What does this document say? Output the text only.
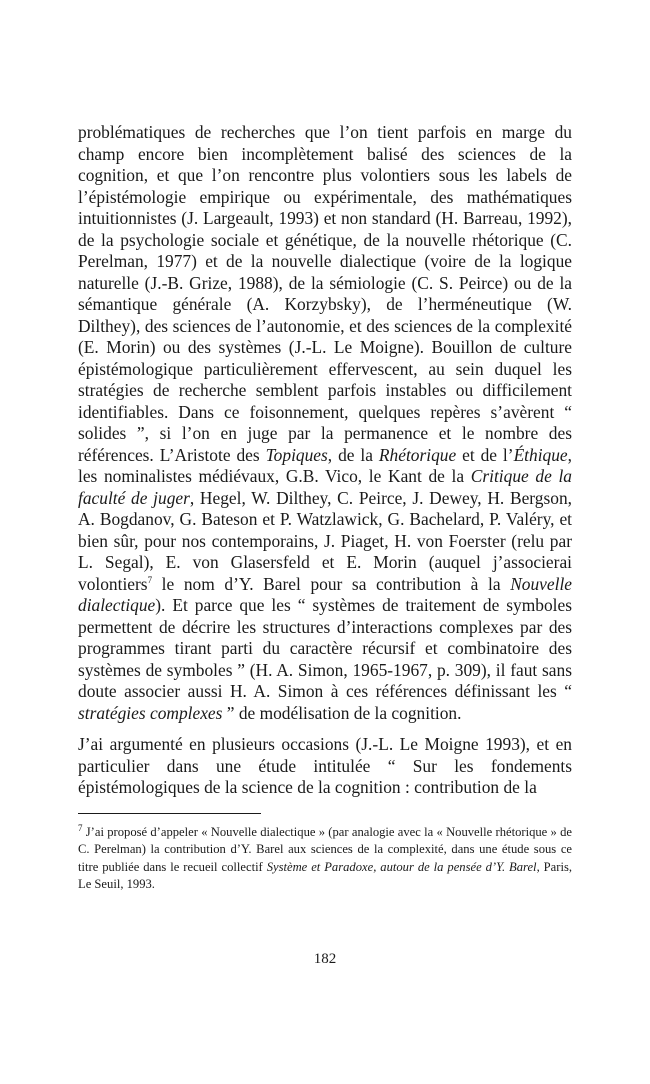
problématiques de recherches que l’on tient parfois en marge du champ encore bien incomplètement balisé des sciences de la cognition, et que l’on rencontre plus volontiers sous les labels de l’épistémologie empirique ou expérimentale, des mathématiques intuitionnistes (J. Largeault, 1993) et non standard (H. Barreau, 1992), de la psychologie sociale et génétique, de la nouvelle rhétorique (C. Perelman, 1977) et de la nouvelle dialectique (voire de la logique naturelle (J.-B. Grize, 1988), de la sémiologie (C. S. Peirce) ou de la sémantique générale (A. Korzybsky), de l’herméneutique (W. Dilthey), des sciences de l’autonomie, et des sciences de la complexité (E. Morin) ou des systèmes (J.-L. Le Moigne). Bouillon de culture épistémologique particulièrement effervescent, au sein duquel les stratégies de recherche semblent parfois instables ou difficilement identifiables. Dans ce foisonnement, quelques repères s’avèrent “ solides ”, si l’on en juge par la permanence et le nombre des références. L’Aristote des Topiques, de la Rhétorique et de l’Éthique, les nominalistes médiévaux, G.B. Vico, le Kant de la Critique de la faculté de juger, Hegel, W. Dilthey, C. Peirce, J. Dewey, H. Bergson, A. Bogdanov, G. Bateson et P. Watzlawick, G. Bachelard, P. Valéry, et bien sûr, pour nos contemporains, J. Piaget, H. von Foerster (relu par L. Segal), E. von Glasersfeld et E. Morin (auquel j’associerai volontiers$^7$ le nom d’Y. Barel pour sa contribution à la Nouvelle dialectique). Et parce que les “ systèmes de traitement de symboles permettent de décrire les structures d’interactions complexes par des programmes tirant parti du caractère récursif et combinatoire des systèmes de symboles ” (H. A. Simon, 1965-1967, p. 309), il faut sans doute associer aussi H. A. Simon à ces références définissant les “ stratégies complexes ” de modélisation de la cognition.

J’ai argumenté en plusieurs occasions (J.-L. Le Moigne 1993), et en particulier dans une étude intitulée “ Sur les fondements épistémologiques de la science de la cognition : contribution de la

$^7$ J’ai proposé d’appeler « Nouvelle dialectique » (par analogie avec la « Nouvelle rhétorique » de C. Perelman) la contribution d’Y. Barel aux sciences de la complexité, dans une étude sous ce titre publiée dans le recueil collectif Système et Paradoxe, autour de la pensée d’Y. Barel, Paris, Le Seuil, 1993.

182
